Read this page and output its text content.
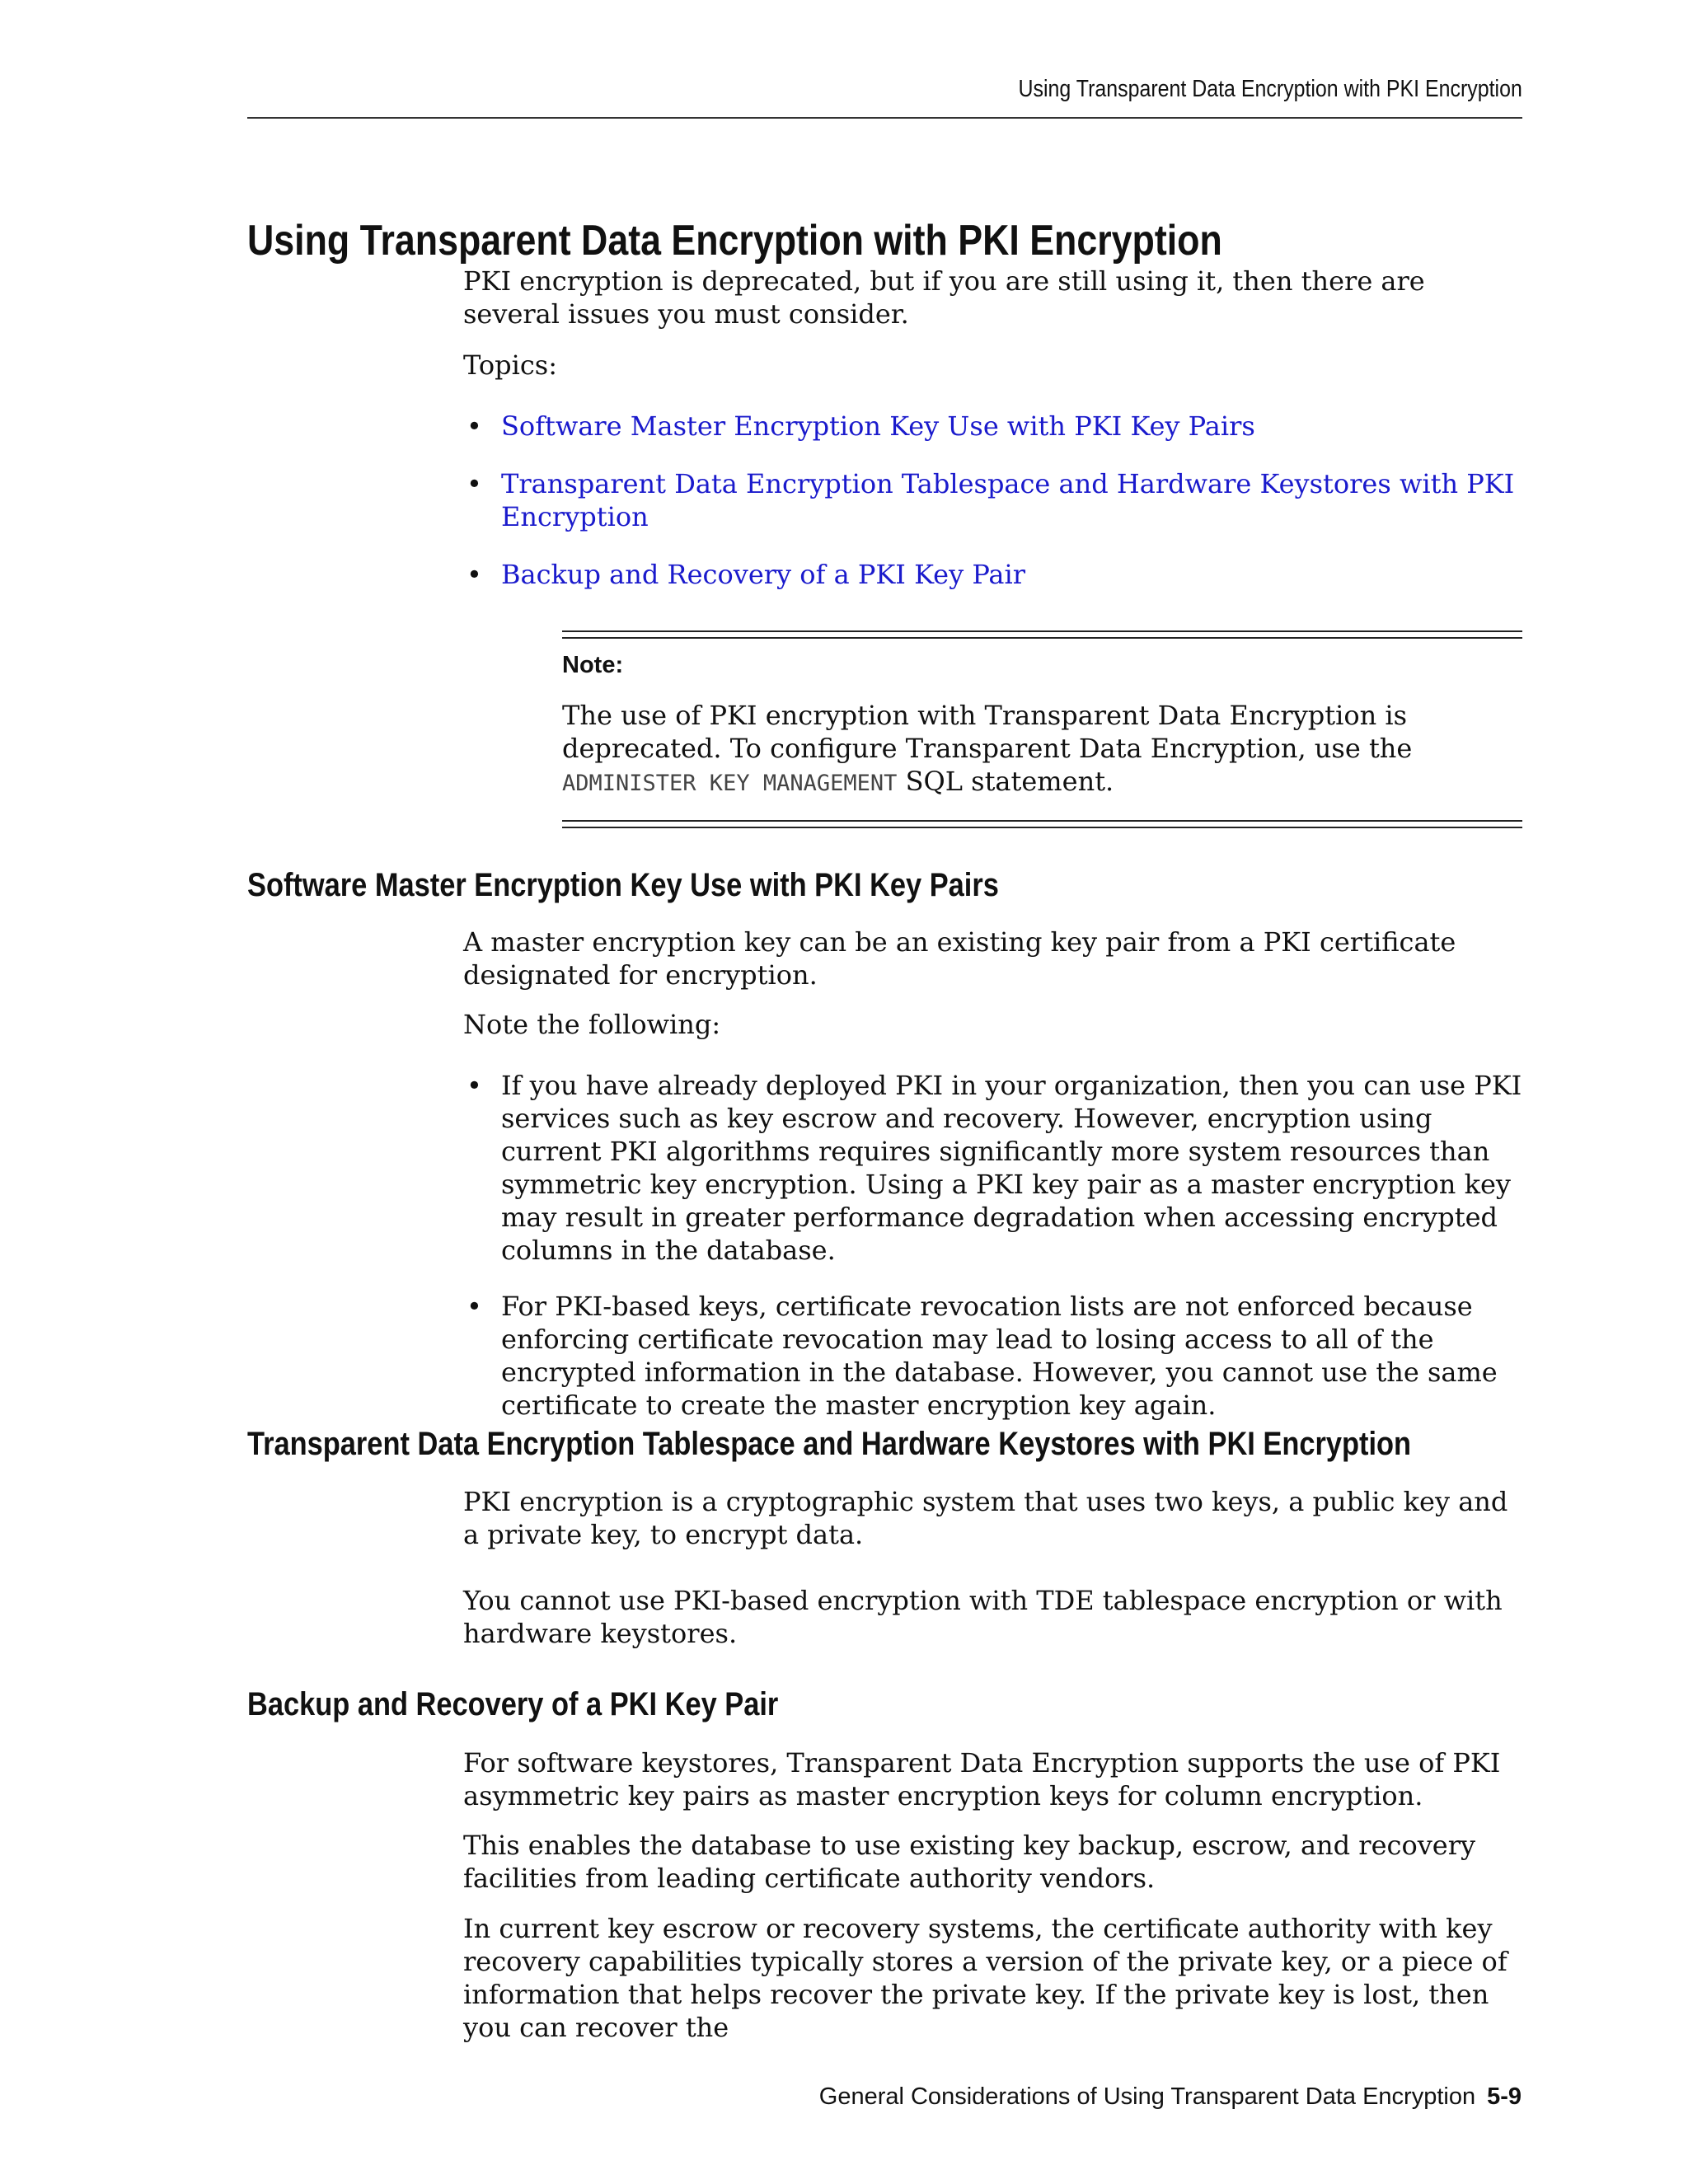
Using Transparent Data Encryption with PKI Encryption
Using Transparent Data Encryption with PKI Encryption

PKI encryption is deprecated, but if you are still using it, then there are several issues you must consider.

Topics:
• Software Master Encryption Key Use with PKI Key Pairs
• Transparent Data Encryption Tablespace and Hardware Keystores with PKI Encryption
• Backup and Recovery of a PKI Key Pair
Note:
The use of PKI encryption with Transparent Data Encryption is deprecated. To configure Transparent Data Encryption, use the ADMINISTER KEY MANAGEMENT SQL statement.
Software Master Encryption Key Use with PKI Key Pairs
A master encryption key can be an existing key pair from a PKI certificate designated for encryption.
Note the following:
• If you have already deployed PKI in your organization, then you can use PKI services such as key escrow and recovery. However, encryption using current PKI algorithms requires significantly more system resources than symmetric key encryption. Using a PKI key pair as a master encryption key may result in greater performance degradation when accessing encrypted columns in the database.
• For PKI-based keys, certificate revocation lists are not enforced because enforcing certificate revocation may lead to losing access to all of the encrypted information in the database. However, you cannot use the same certificate to create the master encryption key again.
Transparent Data Encryption Tablespace and Hardware Keystores with PKI Encryption
PKI encryption is a cryptographic system that uses two keys, a public key and a private key, to encrypt data.
You cannot use PKI-based encryption with TDE tablespace encryption or with hardware keystores.
Backup and Recovery of a PKI Key Pair
For software keystores, Transparent Data Encryption supports the use of PKI asymmetric key pairs as master encryption keys for column encryption.
This enables the database to use existing key backup, escrow, and recovery facilities from leading certificate authority vendors.
In current key escrow or recovery systems, the certificate authority with key recovery capabilities typically stores a version of the private key, or a piece of information that helps recover the private key. If the private key is lost, then you can recover the
General Considerations of Using Transparent Data Encryption 5-9
